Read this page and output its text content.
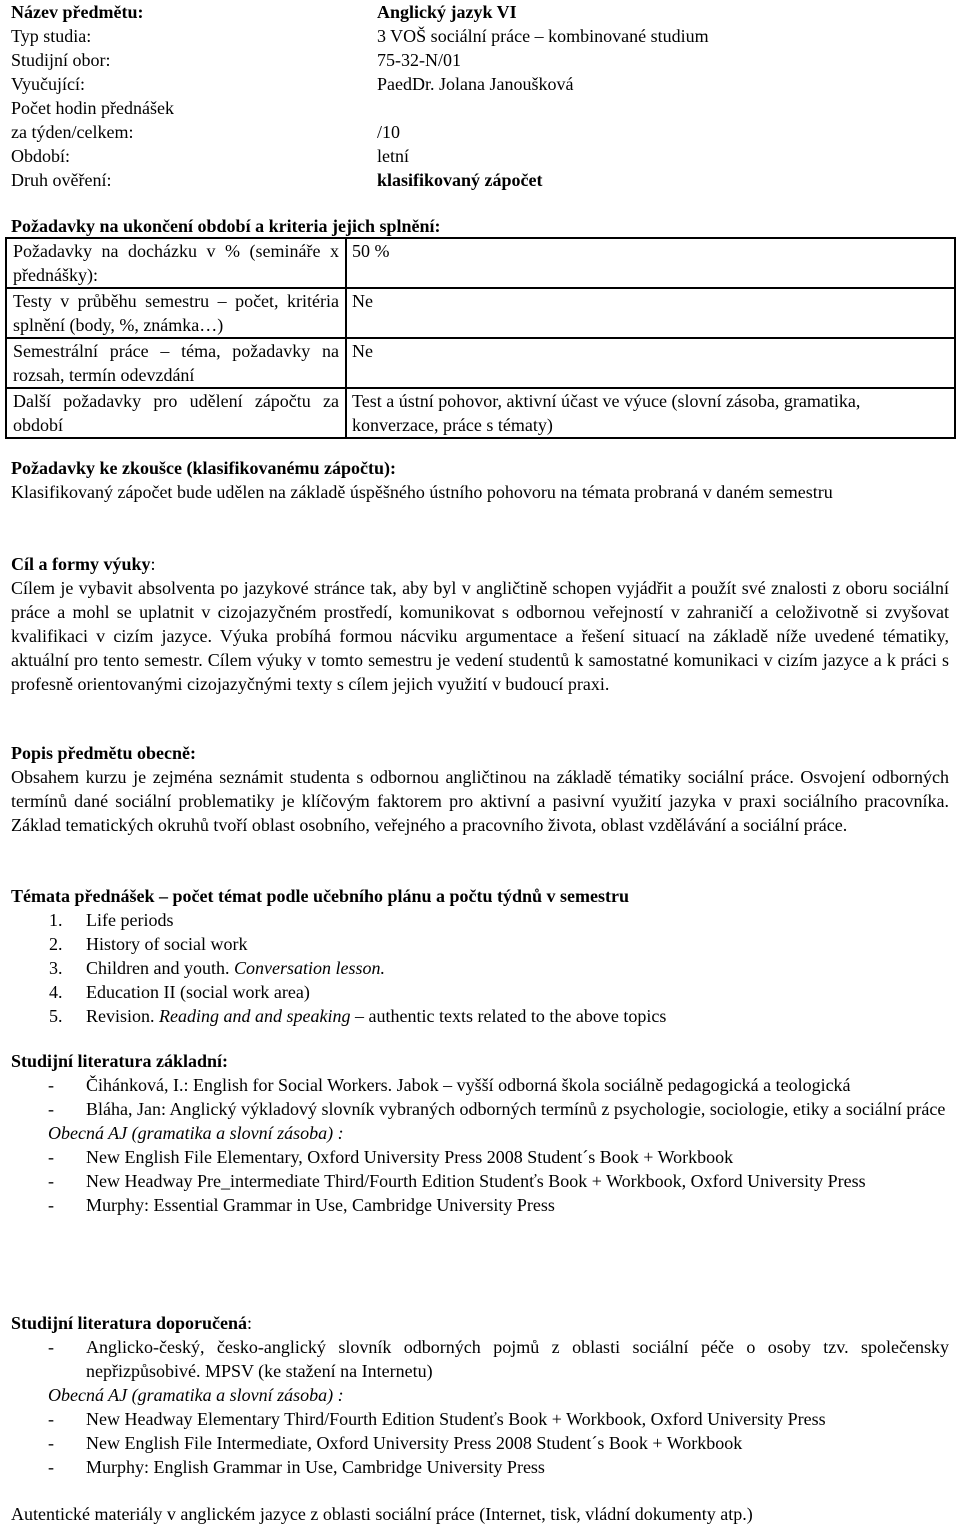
Název předmětu:	Anglický jazyk VI
Typ studia:	3 VOŠ sociální práce – kombinované studium
Studijní obor:	75-32-N/01
Vyučující:	PaedDr. Jolana Janoušková
Počet hodin přednášek
za týden/celkem:	/10
Období:	letní
Druh ověření:	klasifikovaný zápočet
Požadavky na ukončení období a kriteria jejich splnění:
Požadavky na docházku v % (semináře x přednášky):	50 %
Testy v průběhu semestru – počet, kritéria splnění (body, %, známka…)	Ne
Semestrální práce – téma, požadavky na rozsah, termín odevzdání	Ne
Další požadavky pro udělení zápočtu za období	Test a ústní pohovor, aktivní účast ve výuce (slovní zásoba, gramatika, konverzace, práce s tématy)
Požadavky ke zkoušce (klasifikovanému zápočtu):
Klasifikovaný zápočet bude udělen na základě úspěšného ústního pohovoru na témata probraná v daném semestru
Cíl a formy výuky:
Cílem je vybavit absolventa po jazykové stránce tak, aby byl v angličtině schopen vyjádřit a použít své znalosti z oboru sociální práce a mohl se uplatnit v cizojazyčném prostředí, komunikovat s odbornou veřejností v zahraničí a celoživotně si zvyšovat kvalifikaci v cizím jazyce. Výuka probíhá formou nácviku argumentace a řešení situací na základě níže uvedené tématiky, aktuální pro tento semestr. Cílem výuky v tomto semestru je vedení studentů k samostatné komunikaci v cizím jazyce a k práci s profesně orientovanými cizojazyčnými texty s cílem jejich využití v budoucí praxi.
Popis předmětu obecně:
Obsahem kurzu je zejména seznámit studenta s odbornou angličtinou na základě tématiky sociální práce. Osvojení odborných termínů dané sociální problematiky je klíčovým faktorem pro aktivní a pasivní využití jazyka v praxi sociálního pracovníka. Základ tematických okruhů tvoří oblast osobního, veřejného a pracovního života, oblast vzdělávání a sociální práce.
Témata přednášek – počet témat podle učebního plánu a počtu týdnů v semestru
1. Life periods
2. History of social work
3. Children and youth. Conversation lesson.
4. Education II (social work area)
5. Revision. Reading and and speaking – authentic texts related to the above topics
Studijní literatura základní:
- Čihánková, I.: English for Social Workers. Jabok – vyšší odborná škola sociálně pedagogická a teologická
- Bláha, Jan: Anglický výkladový slovník vybraných odborných termínů z psychologie, sociologie, etiky a sociální práce
Obecná AJ (gramatika a slovní zásoba) :
- New English File Elementary, Oxford University Press 2008 Student´s Book + Workbook
- New Headway Pre_intermediate Third/Fourth Edition Studenťs Book + Workbook, Oxford University Press
- Murphy: Essential Grammar in Use, Cambridge University Press
Studijní literatura doporučená:
- Anglicko-český, česko-anglický slovník odborných pojmů z oblasti sociální péče o osoby tzv. společensky nepřizpůsobivé. MPSV (ke stažení na Internetu)
Obecná AJ (gramatika a slovní zásoba) :
- New Headway Elementary Third/Fourth Edition Studenťs Book + Workbook, Oxford University Press
- New English File Intermediate, Oxford University Press 2008 Student´s Book + Workbook
- Murphy: English Grammar in Use, Cambridge University Press
Autentické materiály v anglickém jazyce z oblasti sociální práce (Internet, tisk, vládní dokumenty atp.)
